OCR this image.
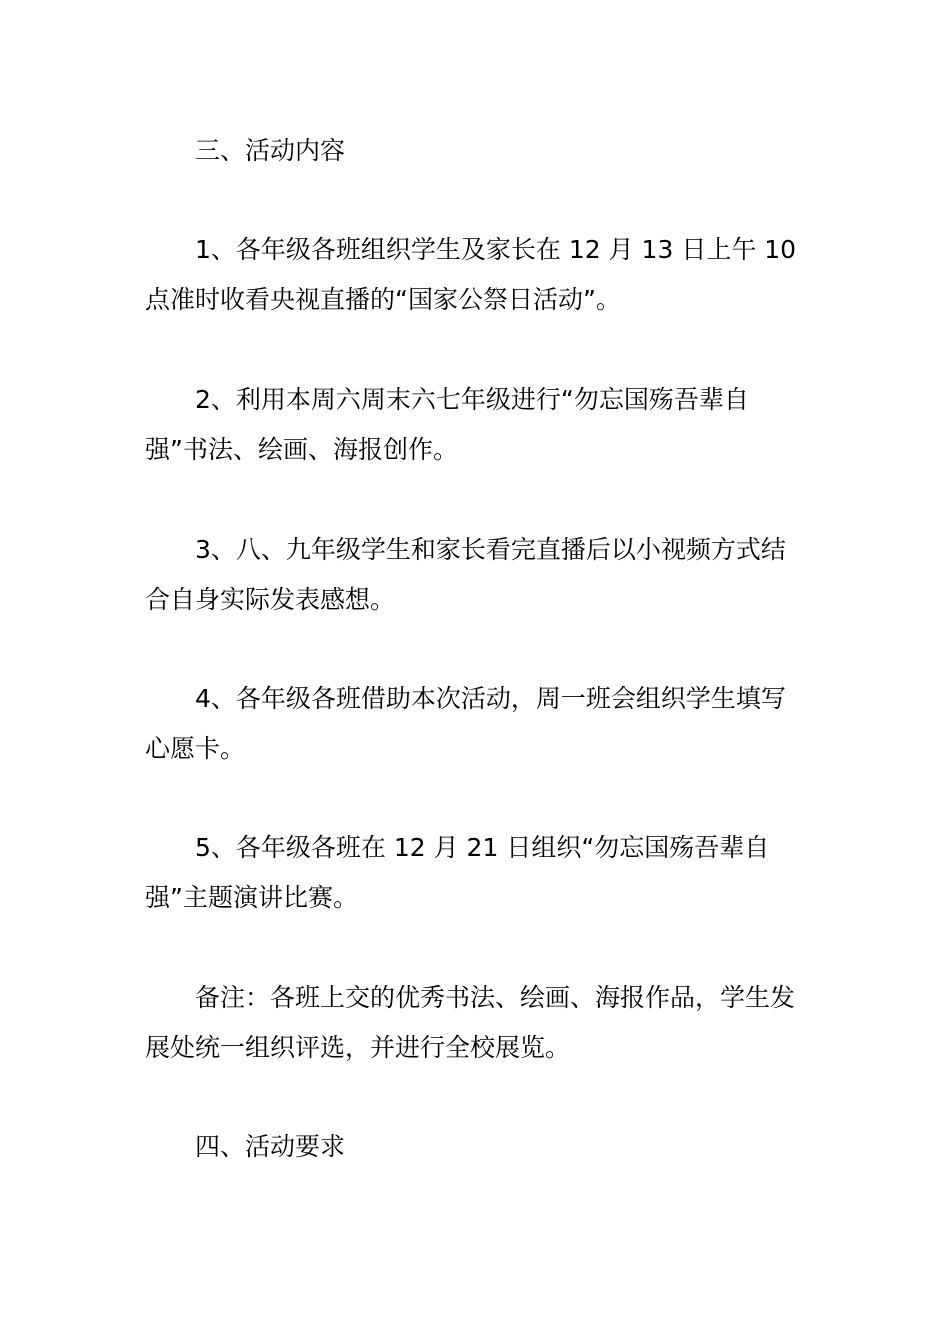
三、活动内容
1、各年级各班组织学生及家长在 12 月 13 日上午 10 点准时收看央视直播的“国家公祭日活动”。
2、利用本周六周末六七年级进行“勿忘国殇吾辈自强”书法、绘画、海报创作。
3、八、九年级学生和家长看完直播后以小视频方式结合自身实际发表感想。
4、各年级各班借助本次活动，周一班会组织学生填写心愿卡。
5、各年级各班在 12 月 21 日组织“勿忘国殇吾辈自强”主题演讲比赛。
备注：各班上交的优秀书法、绘画、海报作品，学生发展处统一组织评选，并进行全校展览。
四、活动要求
